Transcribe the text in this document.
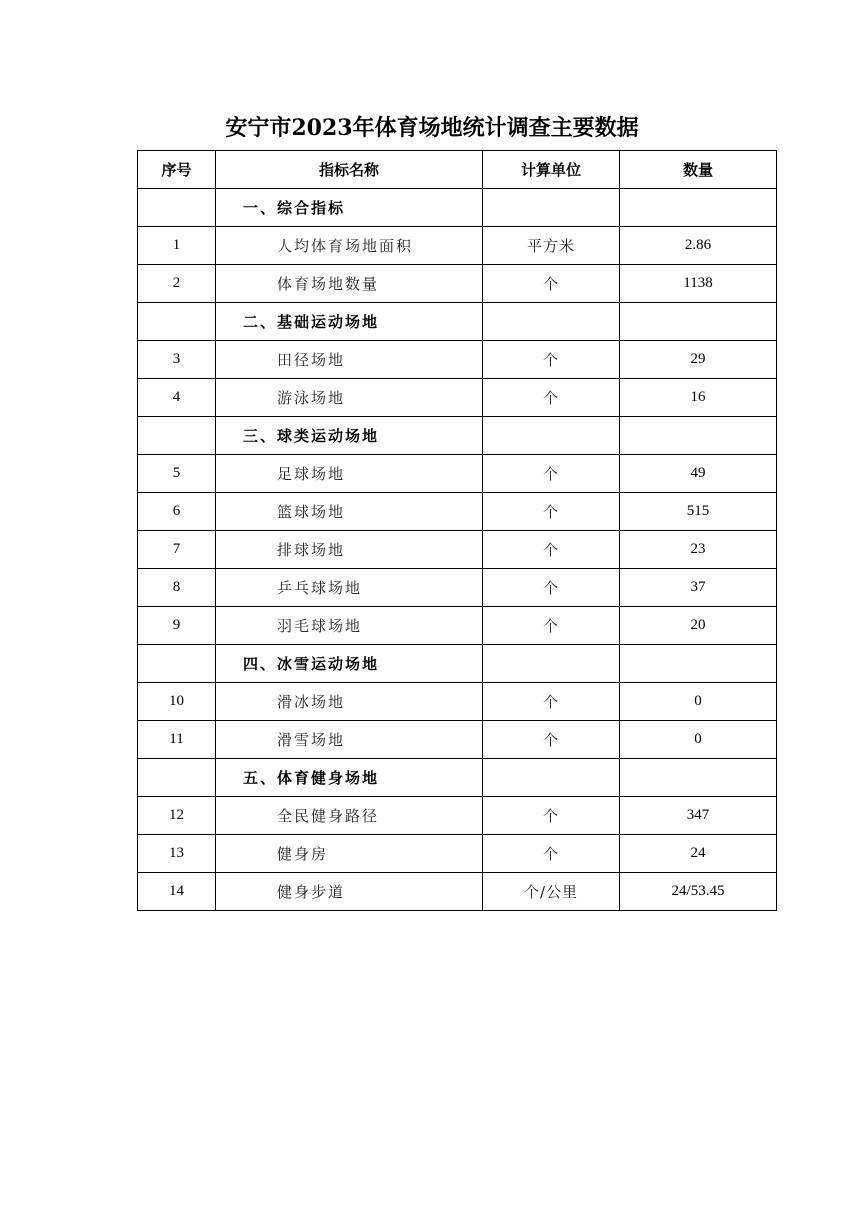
安宁市2023年体育场地统计调查主要数据
序号	指标名称	计算单位	数量
	一、综合指标		
1	人均体育场地面积	平方米	2.86
2	体育场地数量	个	1138
	二、基础运动场地		
3	田径场地	个	29
4	游泳场地	个	16
	三、球类运动场地		
5	足球场地	个	49
6	篮球场地	个	515
7	排球场地	个	23
8	乒乓球场地	个	37
9	羽毛球场地	个	20
	四、冰雪运动场地		
10	滑冰场地	个	0
11	滑雪场地	个	0
	五、体育健身场地		
12	全民健身路径	个	347
13	健身房	个	24
14	健身步道	个/公里	24/53.45
